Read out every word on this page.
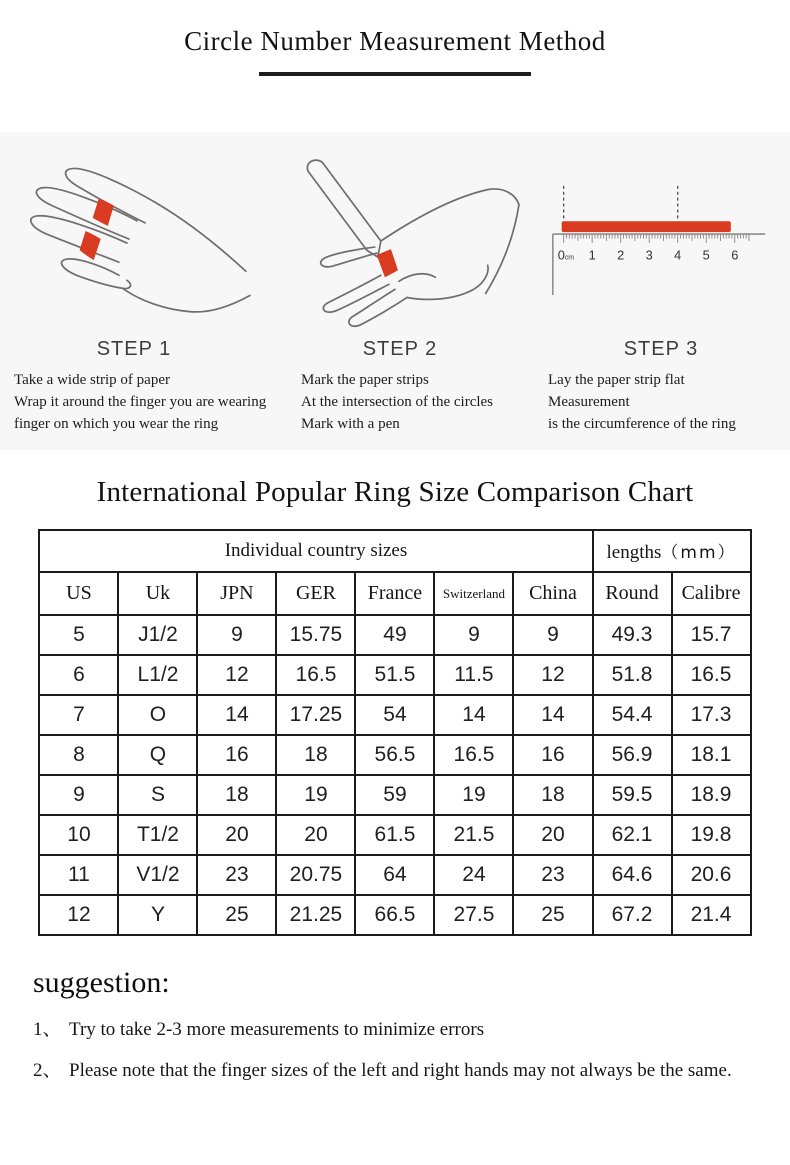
Circle Number Measurement Method
STEP 1
Take a wide strip of paper
Wrap it around the finger you are wearing
finger on which you wear the ring
STEP 2
Mark the paper strips
At the intersection of the circles
Mark with a pen
0cm 1 2 3 4 5 6
STEP 3
Lay the paper strip flat
Measurement
is the circumference of the ring
International Popular Ring Size Comparison Chart
Individual country sizes							lengths（mm）	
US	Uk	JPN	GER	France	Switzerland	China	Round	Calibre
5	J1/2	9	15.75	49	9	9	49.3	15.7
6	L1/2	12	16.5	51.5	11.5	12	51.8	16.5
7	O	14	17.25	54	14	14	54.4	17.3
8	Q	16	18	56.5	16.5	16	56.9	18.1
9	S	18	19	59	19	18	59.5	18.9
10	T1/2	20	20	61.5	21.5	20	62.1	19.8
11	V1/2	23	20.75	64	24	23	64.6	20.6
12	Y	25	21.25	66.5	27.5	25	67.2	21.4
suggestion:
1、 Try to take 2-3 more measurements to minimize errors
2、 Please note that the finger sizes of the left and right hands may not always be the same.
